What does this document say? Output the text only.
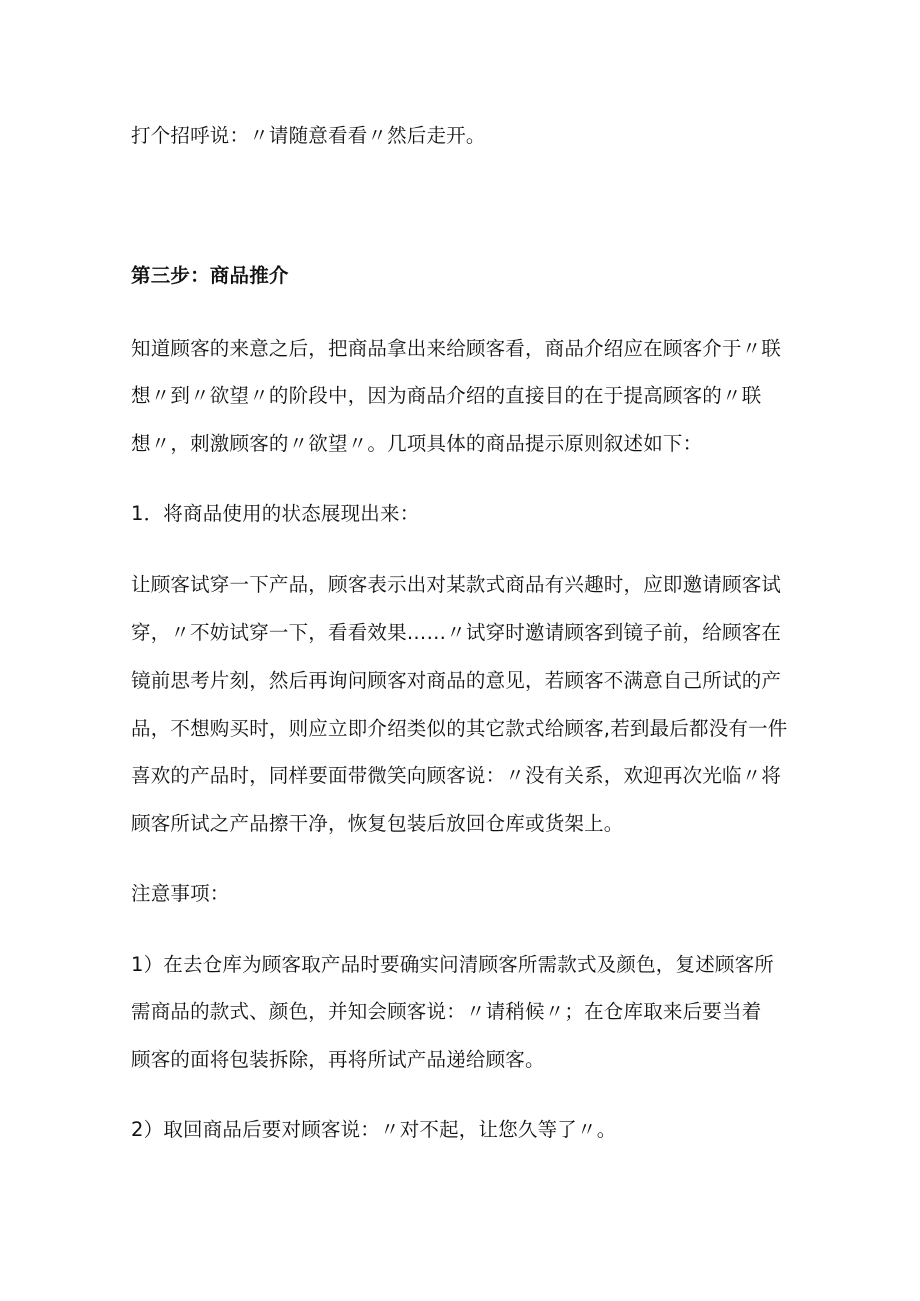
打个招呼说：〃请随意看看〃然后走开。
第三步：商品推介
知道顾客的来意之后，把商品拿出来给顾客看，商品介绍应在顾客介于〃联
想〃到〃欲望〃的阶段中，因为商品介绍的直接目的在于提高顾客的〃联
想〃，刺激顾客的〃欲望〃。几项具体的商品提示原则叙述如下：
1．将商品使用的状态展现出来：
让顾客试穿一下产品，顾客表示出对某款式商品有兴趣时，应即邀请顾客试
穿，〃不妨试穿一下，看看效果……〃试穿时邀请顾客到镜子前，给顾客在
镜前思考片刻，然后再询问顾客对商品的意见，若顾客不满意自己所试的产
品，不想购买时，则应立即介绍类似的其它款式给顾客,若到最后都没有一件
喜欢的产品时，同样要面带微笑向顾客说：〃没有关系，欢迎再次光临〃将
顾客所试之产品擦干净，恢复包装后放回仓库或货架上。
注意事项：
1）在去仓库为顾客取产品时要确实问清顾客所需款式及颜色，复述顾客所
需商品的款式、颜色，并知会顾客说：〃请稍候〃；在仓库取来后要当着
顾客的面将包装拆除，再将所试产品递给顾客。
2）取回商品后要对顾客说：〃对不起，让您久等了〃。
